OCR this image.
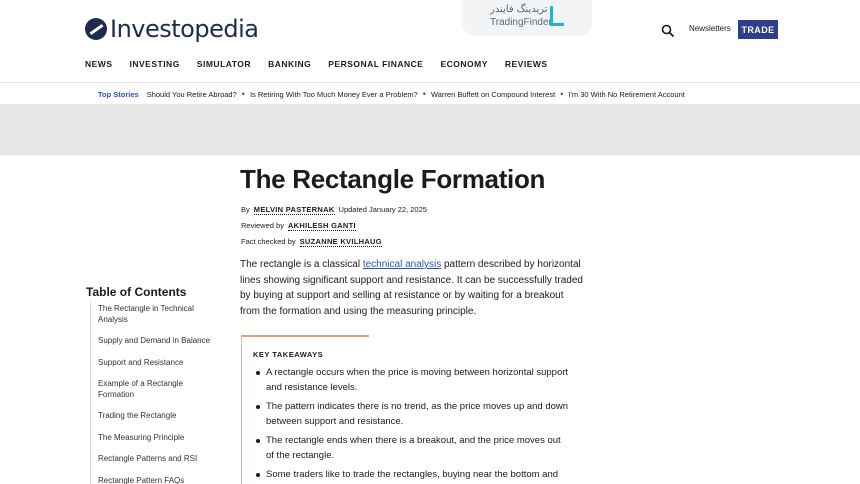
Investopedia
تریدینگ فایندر
TradingFinder
Newsletters	TRADE
NEWS INVESTING SIMULATOR BANKING PERSONAL FINANCE ECONOMY REVIEWS
Top Stories Should You Retire Abroad? • Is Retiring With Too Much Money Ever a Problem? • Warren Buffett on Compound Interest • I'm 30 With No Retirement Account
The Rectangle Formation
By MELVIN PASTERNAK Updated January 22, 2025
Reviewed by AKHILESH GANTI
Fact checked by SUZANNE KVILHAUG

The rectangle is a classical technical analysis pattern described by horizontal lines showing significant support and resistance. It can be successfully traded by buying at support and selling at resistance or by waiting for a breakout from the formation and using the measuring principle.

Table of Contents
The Rectangle in Technical Analysis
Supply and Demand in Balance
Support and Resistance
Example of a Rectangle Formation
Trading the Rectangle
The Measuring Principle
Rectangle Patterns and RSI
Rectangle Pattern FAQs
KEY TAKEAWAYS
A rectangle occurs when the price is moving between horizontal support and resistance levels.
The pattern indicates there is no trend, as the price moves up and down between support and resistance.
The rectangle ends when there is a breakout, and the price moves out of the rectangle.
Some traders like to trade the rectangles, buying near the bottom and
